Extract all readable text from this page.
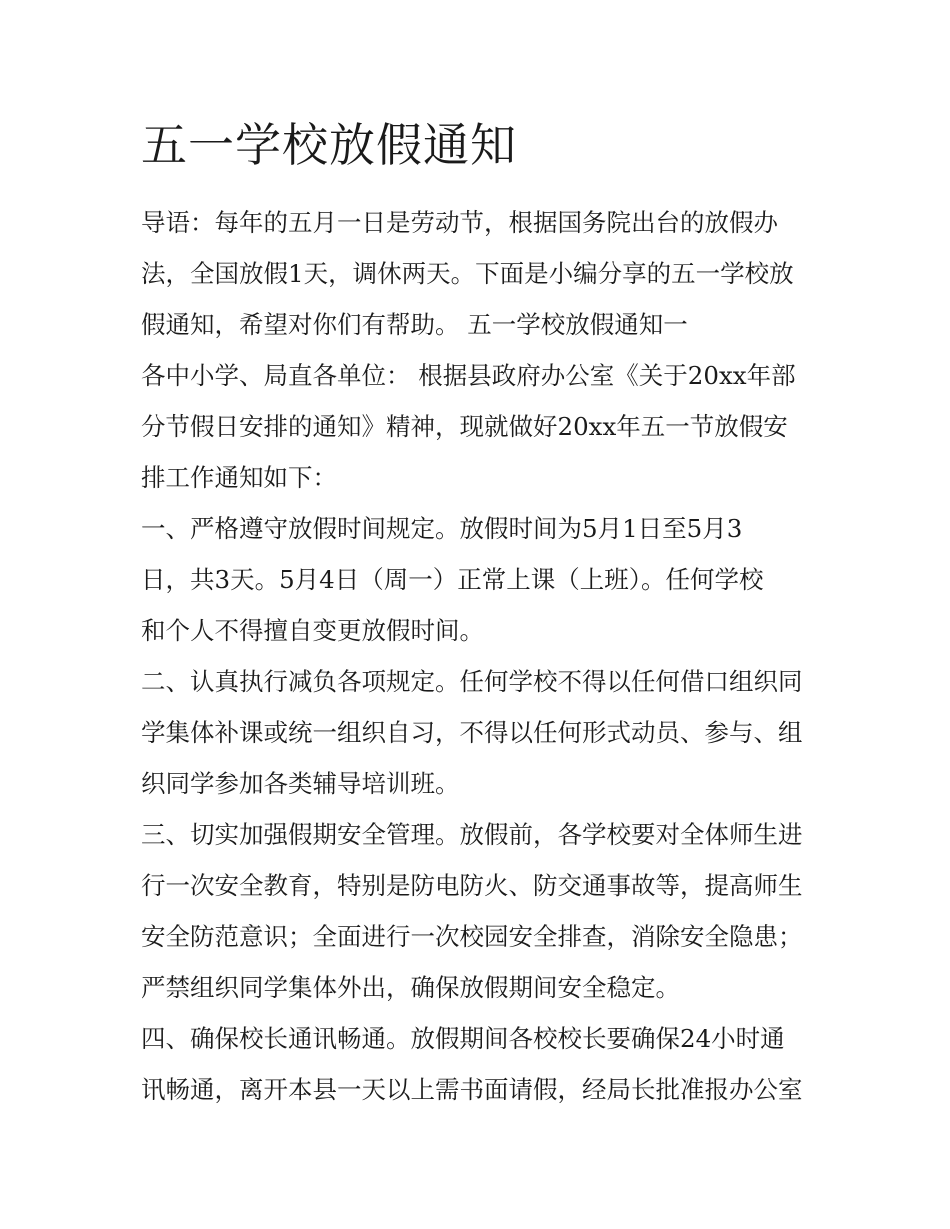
五一学校放假通知

导语：每年的五月一日是劳动节，根据国务院出台的放假办

法，全国放假1天，调休两天。下面是小编分享的五一学校放

假通知，希望对你们有帮助。 五一学校放假通知一

各中小学、局直各单位： 根据县政府办公室《关于20xx年部

分节假日安排的通知》精神，现就做好20xx年五一节放假安

排工作通知如下：

一、严格遵守放假时间规定。放假时间为5月1日至5月3

日，共3天。5月4日（周一）正常上课（上班）。任何学校

和个人不得擅自变更放假时间。

二、认真执行减负各项规定。任何学校不得以任何借口组织同

学集体补课或统一组织自习，不得以任何形式动员、参与、组

织同学参加各类辅导培训班。

三、切实加强假期安全管理。放假前，各学校要对全体师生进

行一次安全教育，特别是防电防火、防交通事故等，提高师生

安全防范意识；全面进行一次校园安全排查，消除安全隐患；

严禁组织同学集体外出，确保放假期间安全稳定。

四、确保校长通讯畅通。放假期间各校校长要确保24小时通

讯畅通，离开本县一天以上需书面请假，经局长批准报办公室
